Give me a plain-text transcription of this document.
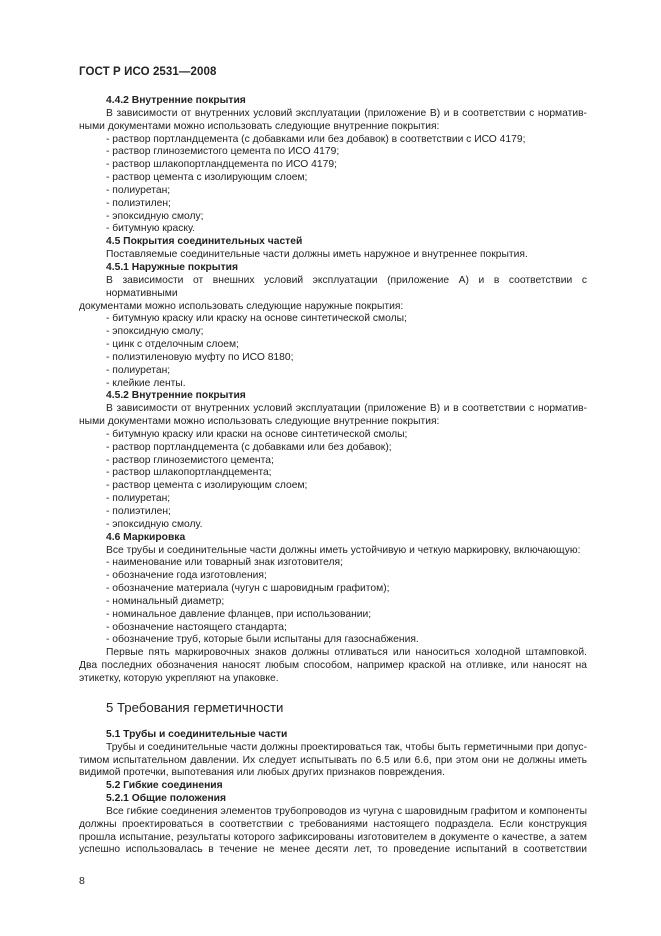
ГОСТ Р ИСО 2531—2008
4.4.2 Внутренние покрытия
В зависимости от внутренних условий эксплуатации (приложение В) и в соответствии с норматив-
ными документами можно использовать следующие внутренние покрытия:
- раствор портландцемента (с добавками или без добавок) в соответствии с ИСО 4179;
- раствор глиноземистого цемента по ИСО 4179;
- раствор шлакопортландцемента по ИСО 4179;
- раствор цемента с изолирующим слоем;
- полиуретан;
- полиэтилен;
- эпоксидную смолу;
- битумную краску.
4.5 Покрытия соединительных частей
Поставляемые соединительные части должны иметь наружное и внутреннее покрытия.
4.5.1 Наружные покрытия
В зависимости от внешних условий эксплуатации (приложение А) и в соответствии с нормативными
документами можно использовать следующие наружные покрытия:
- битумную краску или краску на основе синтетической смолы;
- эпоксидную смолу;
- цинк с отделочным слоем;
- полиэтиленовую муфту по ИСО 8180;
- полиуретан;
- клейкие ленты.
4.5.2 Внутренние покрытия
В зависимости от внутренних условий эксплуатации (приложение В) и в соответствии с норматив-
ными документами можно использовать следующие внутренние покрытия:
- битумную краску или краски на основе синтетической смолы;
- раствор портландцемента (с добавками или без добавок);
- раствор глиноземистого цемента;
- раствор шлакопортландцемента;
- раствор цемента с изолирующим слоем;
- полиуретан;
- полиэтилен;
- эпоксидную смолу.
4.6 Маркировка
Все трубы и соединительные части должны иметь устойчивую и четкую маркировку, включающую:
- наименование или товарный знак изготовителя;
- обозначение года изготовления;
- обозначение материала (чугун с шаровидным графитом);
- номинальный диаметр;
- номинальное давление фланцев, при использовании;
- обозначение настоящего стандарта;
- обозначение труб, которые были испытаны для газоснабжения.
Первые пять маркировочных знаков должны отливаться или наноситься холодной штамповкой.
Два последних обозначения наносят любым способом, например краской на отливке, или наносят на
этикетку, которую укрепляют на упаковке.
5 Требования герметичности
5.1 Трубы и соединительные части
Трубы и соединительные части должны проектироваться так, чтобы быть герметичными при допус-
тимом испытательном давлении. Их следует испытывать по 6.5 или 6.6, при этом они не должны иметь
видимой протечки, выпотевания или любых других признаков повреждения.
5.2 Гибкие соединения
5.2.1 Общие положения
Все гибкие соединения элементов трубопроводов из чугуна с шаровидным графитом и компоненты
должны проектироваться в соответствии с требованиями настоящего подраздела. Если конструкция
прошла испытание, результаты которого зафиксированы изготовителем в документе о качестве, а затем
успешно использовалась в течение не менее десяти лет, то проведение испытаний в соответствии
8
